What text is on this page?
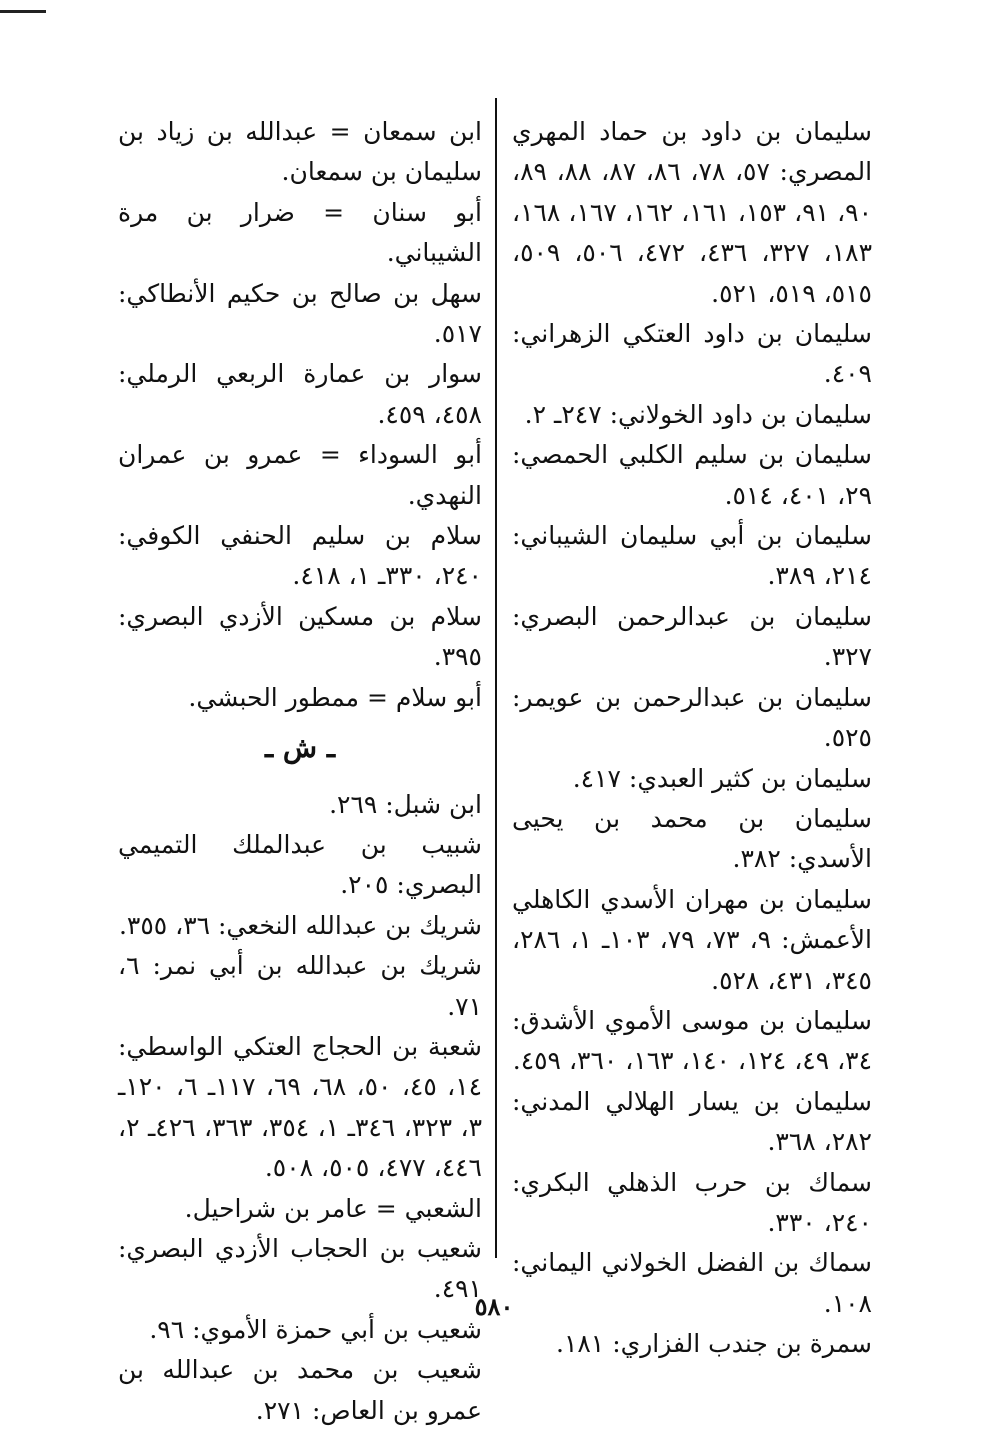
سليمان بن داود بن حماد المهري المصري: ٥٧، ٧٨، ٨٦، ٨٧، ٨٨، ٨٩، ٩٠، ٩١، ١٥٣، ١٦١، ١٦٢، ١٦٧، ١٦٨، ١٨٣، ٣٢٧، ٤٣٦، ٤٧٢، ٥٠٦، ٥٠٩، ٥١٥، ٥١٩، ٥٢١.

سليمان بن داود العتكي الزهراني: ٤٠٩.

سليمان بن داود الخولاني: ٢٤٧ـ ٢.

سليمان بن سليم الكلبي الحمصي: ٢٩، ٤٠١، ٥١٤.

سليمان بن أبي سليمان الشيباني: ٢١٤، ٣٨٩.

سليمان بن عبدالرحمن البصري: ٣٢٧.

سليمان بن عبدالرحمن بن عويمر: ٥٢٥.

سليمان بن كثير العبدي: ٤١٧.

سليمان بن محمد بن يحيى الأسدي: ٣٨٢.

سليمان بن مهران الأسدي الكاهلي الأعمش: ٩، ٧٣، ٧٩، ١٠٣ـ ١، ٢٨٦، ٣٤٥، ٤٣١، ٥٢٨.

سليمان بن موسى الأموي الأشدق: ٣٤، ٤٩، ١٢٤، ١٤٠، ١٦٣، ٣٦٠، ٤٥٩.

سليمان بن يسار الهلالي المدني: ٢٨٢، ٣٦٨.

سماك بن حرب الذهلي البكري: ٢٤٠، ٣٣٠.

سماك بن الفضل الخولاني اليماني: ١٠٨.

سمرة بن جندب الفزاري: ١٨١.

ابن سمعان = عبدالله بن زياد بن سليمان بن سمعان.

أبو سنان = ضرار بن مرة الشيباني.

سهل بن صالح بن حكيم الأنطاكي: ٥١٧.

سوار بن عمارة الربعي الرملي: ٤٥٨، ٤٥٩.

أبو السوداء = عمرو بن عمران النهدي.

سلام بن سليم الحنفي الكوفي: ٢٤٠، ٣٣٠ـ ١، ٤١٨.

سلام بن مسكين الأزدي البصري: ٣٩٥.

أبو سلام = ممطور الحبشي.

ـ ش ـ

ابن شبل: ٢٦٩.

شبيب بن عبدالملك التميمي البصري: ٢٠٥.

شريك بن عبدالله النخعي: ٣٦، ٣٥٥.

شريك بن عبدالله بن أبي نمر: ٦، ٧١.

شعبة بن الحجاج العتكي الواسطي: ١٤، ٤٥، ٥٠، ٦٨، ٦٩، ١١٧ـ ٦، ١٢٠ـ ٣، ٣٢٣، ٣٤٦ـ ١، ٣٥٤، ٣٦٣، ٤٢٦ـ ٢، ٤٤٦، ٤٧٧، ٥٠٥، ٥٠٨.

الشعبي = عامر بن شراحيل.

شعيب بن الحجاب الأزدي البصري: ٤٩١.

شعيب بن أبي حمزة الأموي: ٩٦.

شعيب بن محمد بن عبدالله بن عمرو بن العاص: ٢٧١.

٥٨٠
